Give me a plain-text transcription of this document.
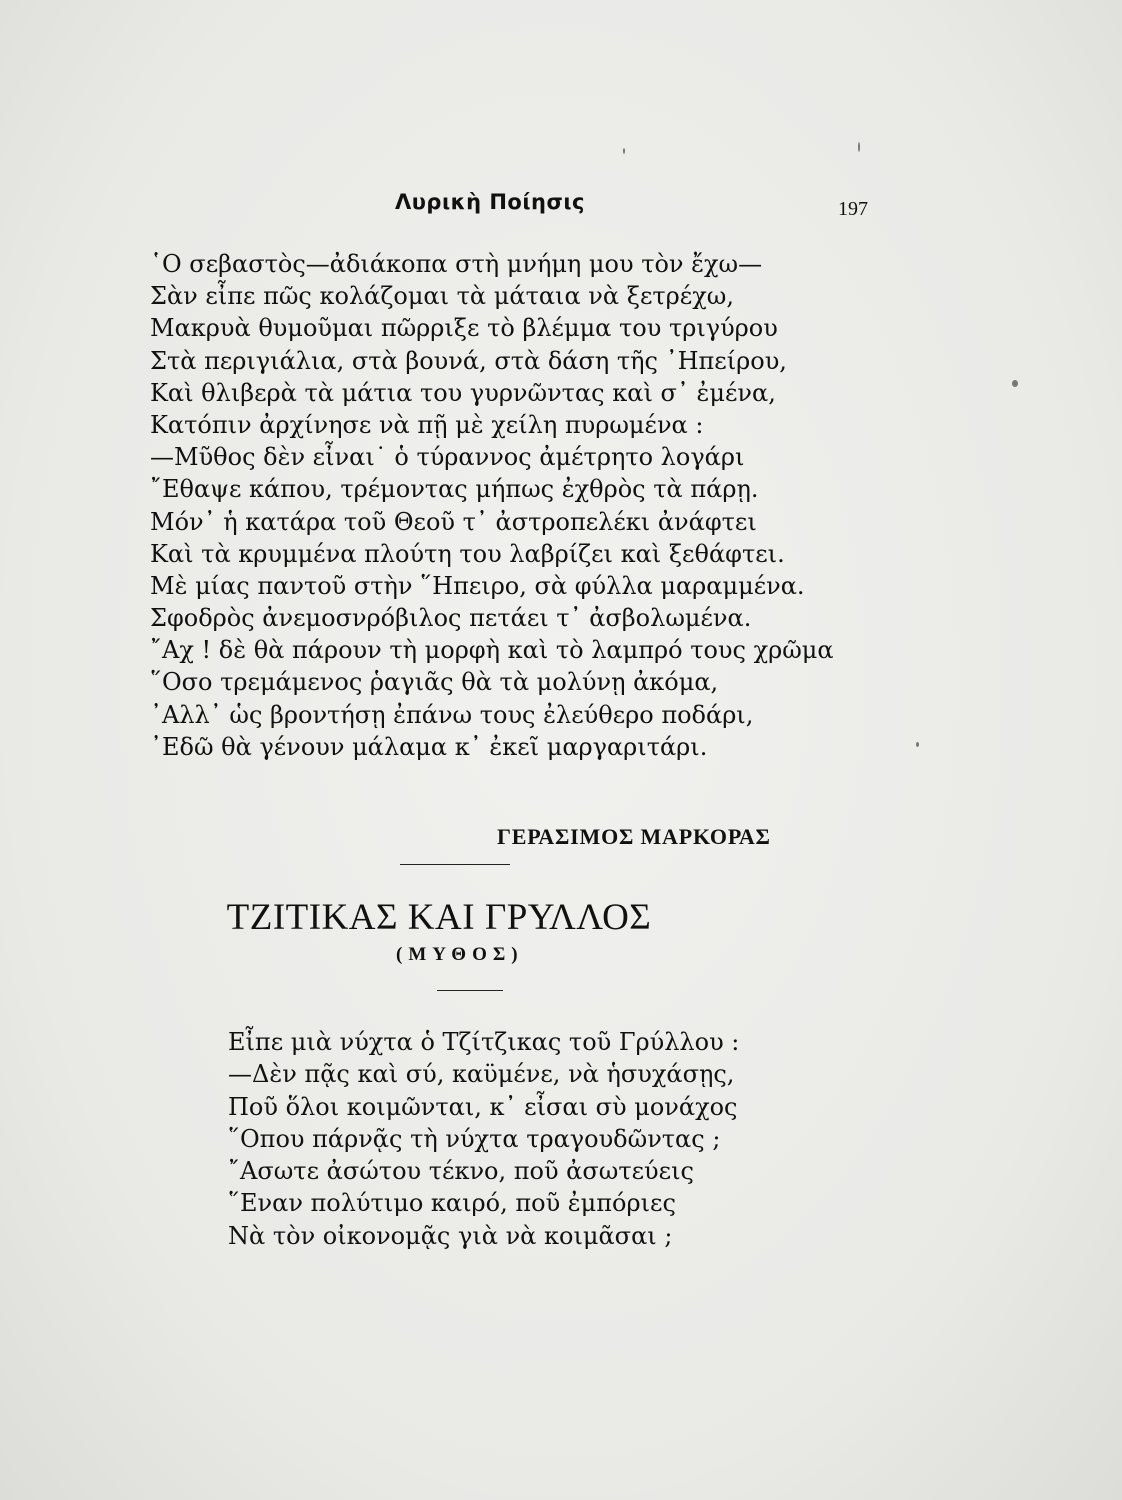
Λυρικὴ Ποίησις	197
῾Ο σεβαστὸς—ἀδιάκοπα στὴ μνήμη μου τὸν ἔχω—
Σὰν εἶπε πῶς κολάζομαι τὰ μάταια νὰ ξετρέχω,
Μακρυὰ θυμοῦμαι πῶρριξε τὸ βλέμμα του τριγύρου
Στὰ περιγιάλια, στὰ βουνά, στὰ δάση τῆς ᾿Ηπείρου,
Καὶ θλιβερὰ τὰ μάτια του γυρνῶντας καὶ σ᾿ ἐμένα,
Κατόπιν ἀρχίνησε νὰ πῇ μὲ χείλη πυρωμένα :
—Μῦθος δὲν εἶναι˙ ὁ τύραννος ἀμέτρητο λογάρι
῎Εθαψε κάπου, τρέμοντας μήπως ἐχθρὸς τὰ πάρῃ.
Μόν᾿ ἡ κατάρα τοῦ Θεοῦ τ᾿ ἀστροπελέκι ἀνάφτει
Καὶ τὰ κρυμμένα πλούτη του λαβρίζει καὶ ξεθάφτει.
Μὲ μίας παντοῦ στὴν ῞Ηπειρο, σὰ φύλλα μαραμμένα.
Σφοδρὸς ἀνεμοσνρόβιλος πετάει τ᾿ ἀσβολωμένα.
῎Αχ ! δὲ θὰ πάρουν τὴ μορφὴ καὶ τὸ λαμπρό τους χρῶμα
῞Οσο τρεμάμενος ῥαγιᾶς θὰ τὰ μολύνῃ ἀκόμα,
᾿Αλλ᾿ ὡς βροντήσῃ ἐπάνω τους ἐλεύθερο ποδάρι,
᾿Εδῶ θὰ γένουν μάλαμα κ᾿ ἐκεῖ μαργαριτάρι.
ΓΕΡΑΣΙΜΟΣ ΜΑΡΚΟΡΑΣ
ΤΖΙΤΙΚΑΣ ΚΑΙ ΓΡΥΛΛΟΣ
(ΜΥΘΟΣ)
Εἶπε μιὰ νύχτα ὁ Τζίτζικας τοῦ Γρύλλου :
—Δὲν πᾷς καὶ σύ, καϋμένε, νὰ ἡσυχάσῃς,
Ποῦ ὅλοι κοιμῶνται, κ᾿ εἶσαι σὺ μονάχος
῞Οπου πάρνᾷς τὴ νύχτα τραγουδῶντας ;
῎Ασωτε ἀσώτου τέκνο, ποῦ ἀσωτεύεις
῞Εναν πολύτιμο καιρό, ποῦ ἐμπόριες
Νὰ τὸν οἰκονομᾷς γιὰ νὰ κοιμᾶσαι ;
